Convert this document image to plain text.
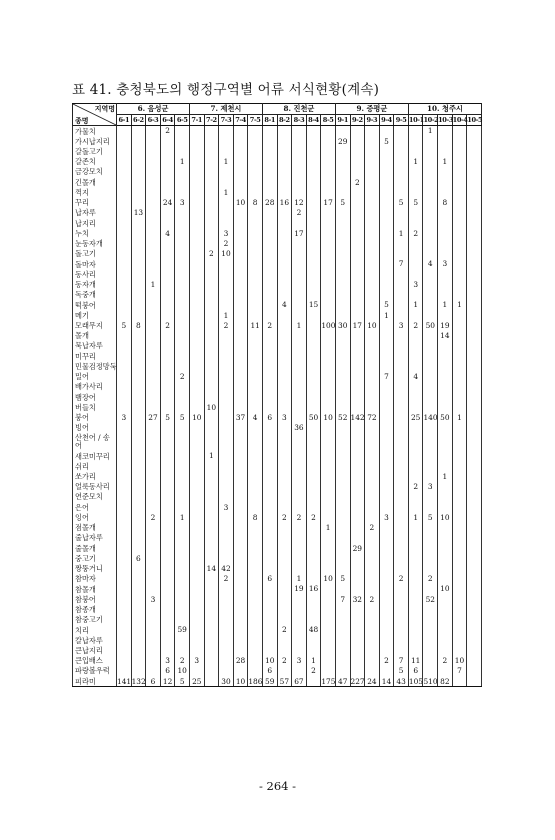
표 41. 충청북도의 행정구역별 어류 서식현황(계속)
지역명
종명	6. 음성군					7. 제천시					8. 진천군					9. 증평군					10. 청주시				
	6-1	6-2	6-3	6-4	6-5	7-1	7-2	7-3	7-4	7-5	8-1	8-2	8-3	8-4	8-5	9-1	9-2	9-3	9-4	9-5	10-1	10-2	10-3	10-4	10-5
가물치				2																		1			
가시납지리																29			5						
갈돌고기																									
갈존치					1			1													1		1		
금강모치																									
긴몰개																	2								
꺽지								1																	
꾸리				24	3				10	8	28	16	12		17	5				5	5		8		
납자루		13											2												
납지리																									
누치				4				3					17							1	2				
눈동자개								2																	
돌고기							2	10																	
돌마자																				7		4	3		
동사리																									
동자개			1																		3				
독중개																									
떡붕어												4		15					5		1		1	1	
메기								1											1						
모래무지	5	8		2				2		11	2		1		100	30	17	10		3	2	50	19		
몰개																							14		
묵납자루																									
미꾸리																									
민물검정망둑																									
밀어					2														7		4				
배가사리																									
뱀장어																									
버들치							10																		
붕어	3		27	5	5	10			37	4	6	3		50	10	52	142	72			25	140	50	1	
빙어													36												
산천어 / 송어																									
새코미꾸리							1																		
쉬리																									
쏘가리																							1		
얼룩동사리																					2	3			
연준모치																									
은어								3																	
잉어			2		1					8		2	2	2					3		1	5	10		
점몰개															1			2							
줄납자루																									
줄몰개																	29								
중고기		6																							
짱뚱거니							14	42																	
참마자								2			6		1		10	5				2		2			
참몰개													19	16									10		
참붕어			3													7	32	2				52			
참종개																									
참중고기																									
치리					59							2		48											
칼납자루																									
큰납지리																									
큰입배스				3	2	3			28		10	2	3	1					2	7	11		2	10	
파랑볼우럭				6	10						6			2						5	6			7	
피라미	141	132	6	12	5	25		30	10	186	59	57	67		175	47	227	24	14	43	105	510	82		
- 264 -
